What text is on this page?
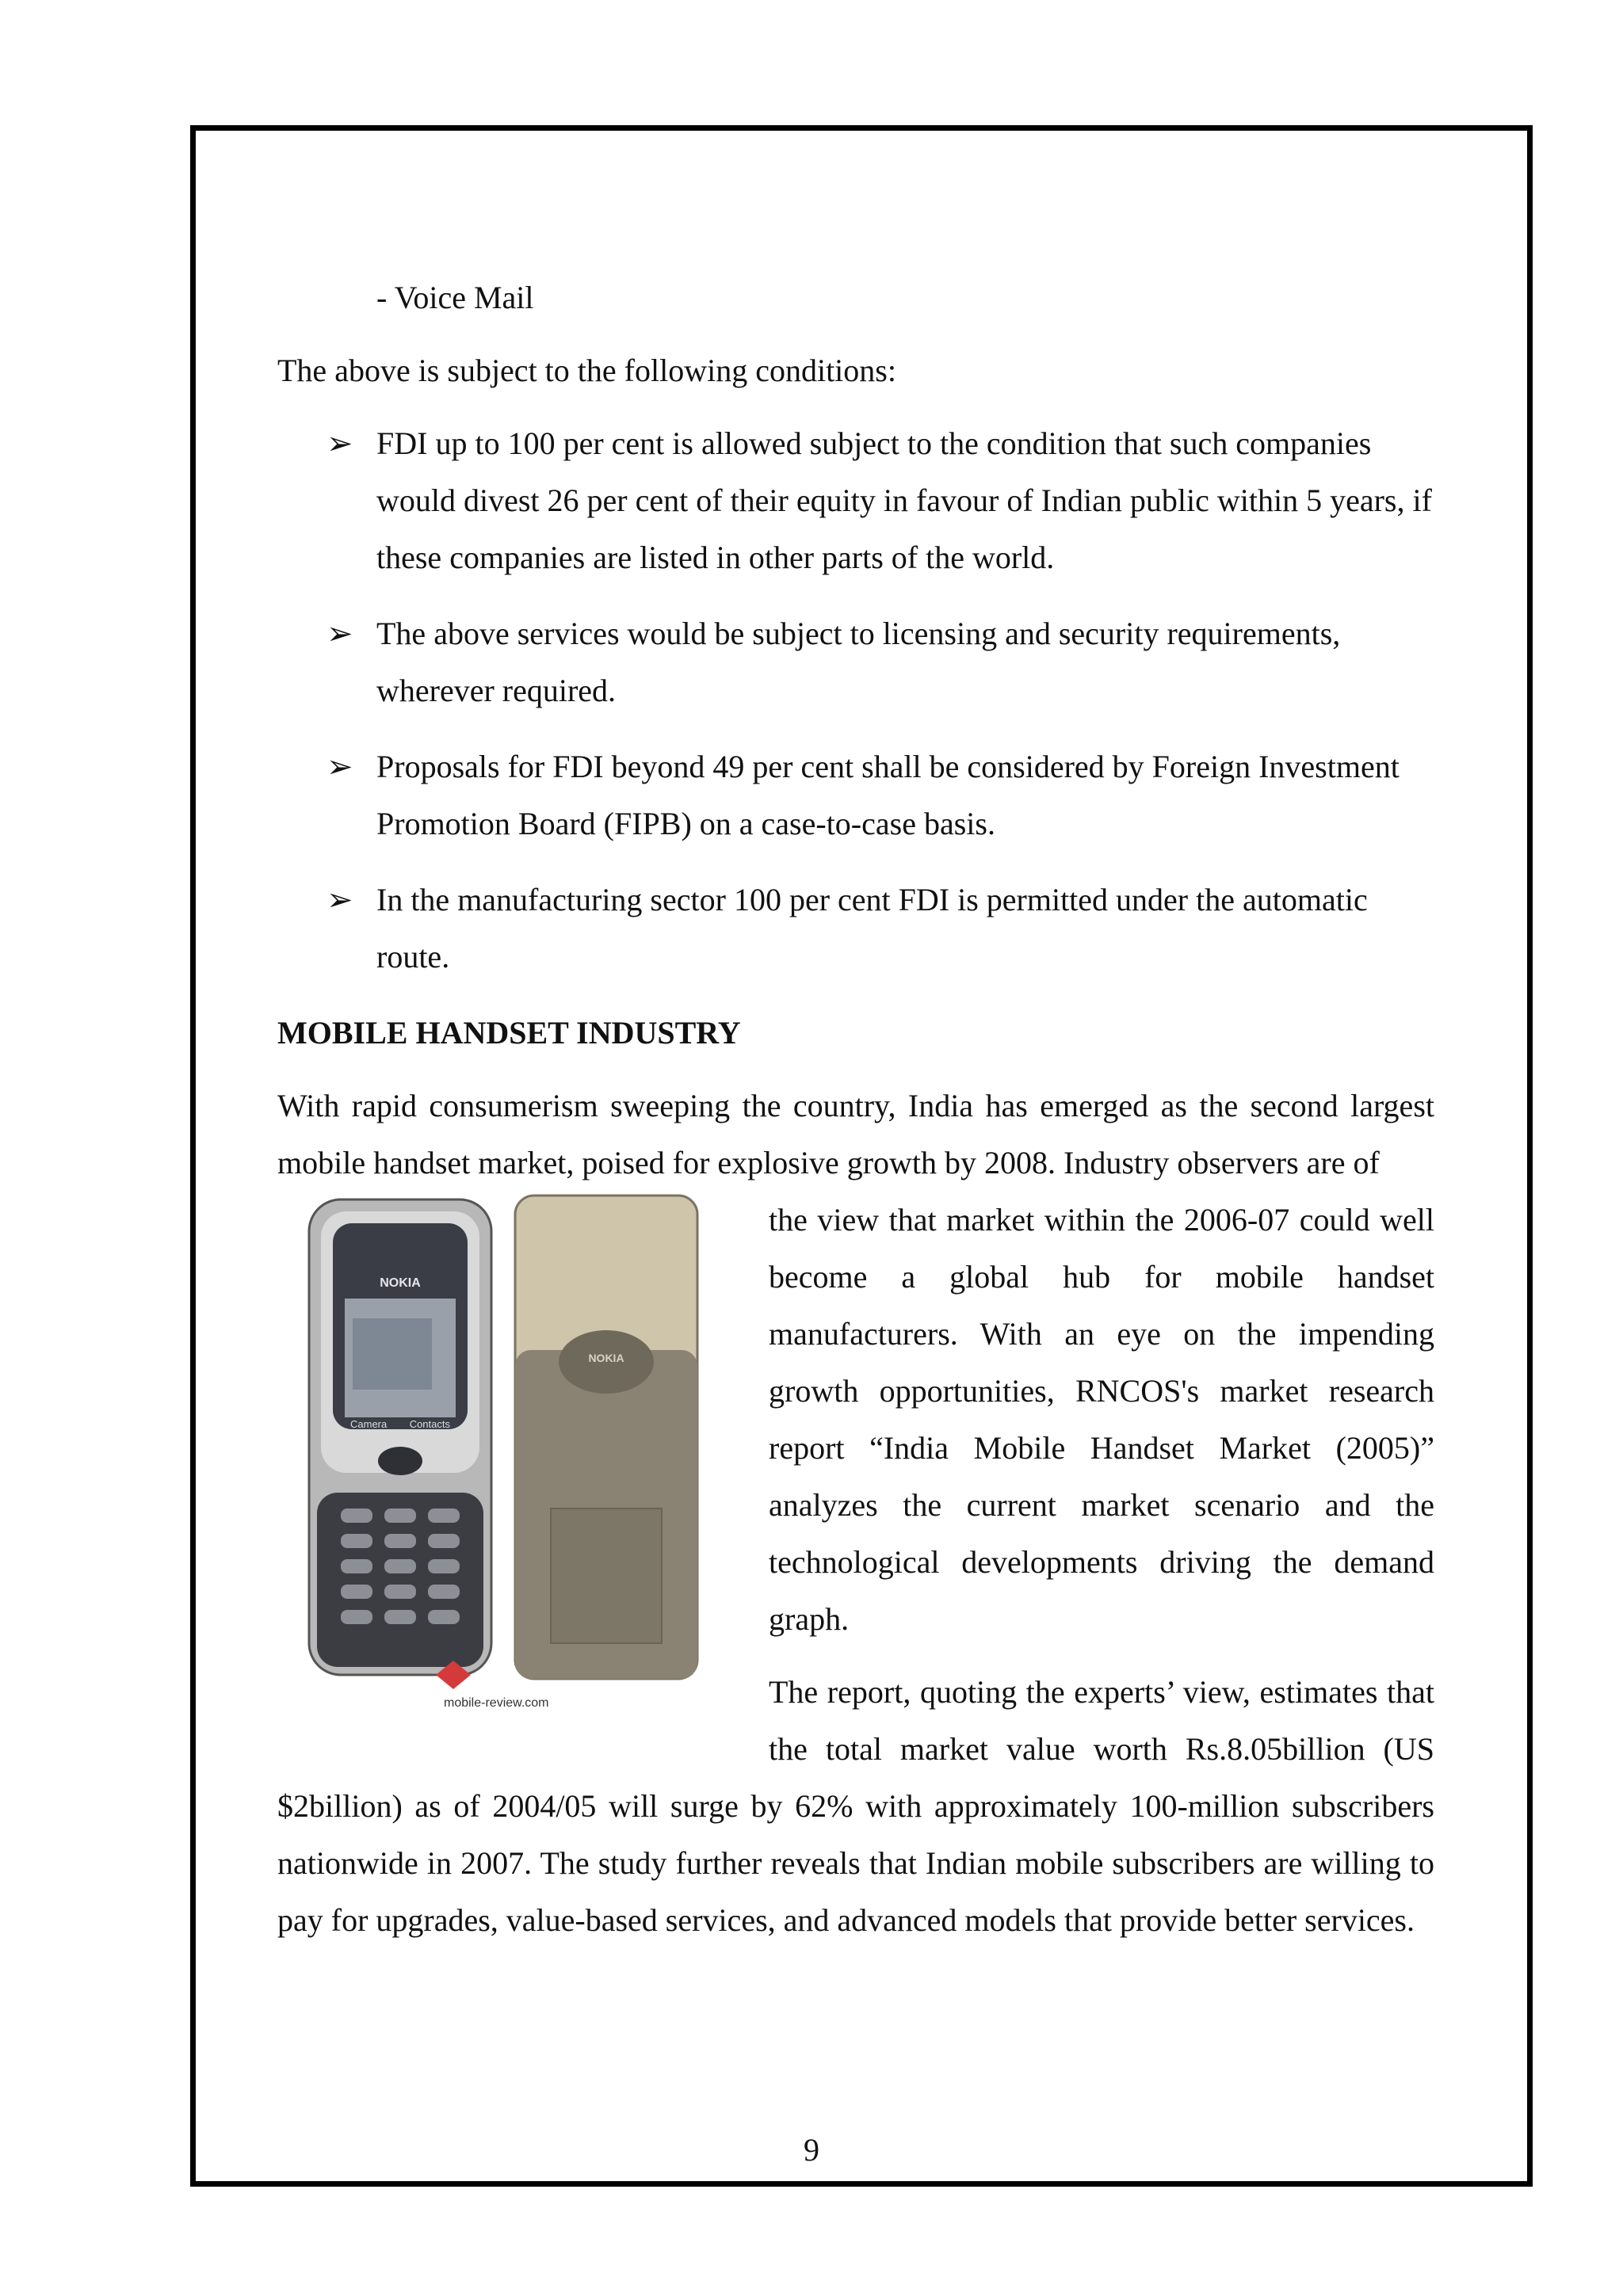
- Voice Mail

The above is subject to the following conditions:

➢ FDI up to 100 per cent is allowed subject to the condition that such companies would divest 26 per cent of their equity in favour of Indian public within 5 years, if these companies are listed in other parts of the world.
➢ The above services would be subject to licensing and security requirements, wherever required.
➢ Proposals for FDI beyond 49 per cent shall be considered by Foreign Investment Promotion Board (FIPB) on a case-to-case basis.
➢ In the manufacturing sector 100 per cent FDI is permitted under the automatic route.

MOBILE HANDSET INDUSTRY

With rapid consumerism sweeping the country, India has emerged as the second largest mobile handset market, poised for explosive growth by 2008. Industry observers are of

NOKIA
Camera Contacts
NOKIA
mobile-review.com

the view that market within the 2006-07 could well become a global hub for mobile handset manufacturers. With an eye on the impending growth opportunities, RNCOS's market research report “India Mobile Handset Market (2005)” analyzes the current market scenario and the technological developments driving the demand graph.

The report, quoting the experts’ view, estimates that the total market value worth Rs.8.05billion (US $2billion) as of 2004/05 will surge by 62% with approximately 100-million subscribers nationwide in 2007. The study further reveals that Indian mobile subscribers are willing to pay for upgrades, value-based services, and advanced models that provide better services.

9
